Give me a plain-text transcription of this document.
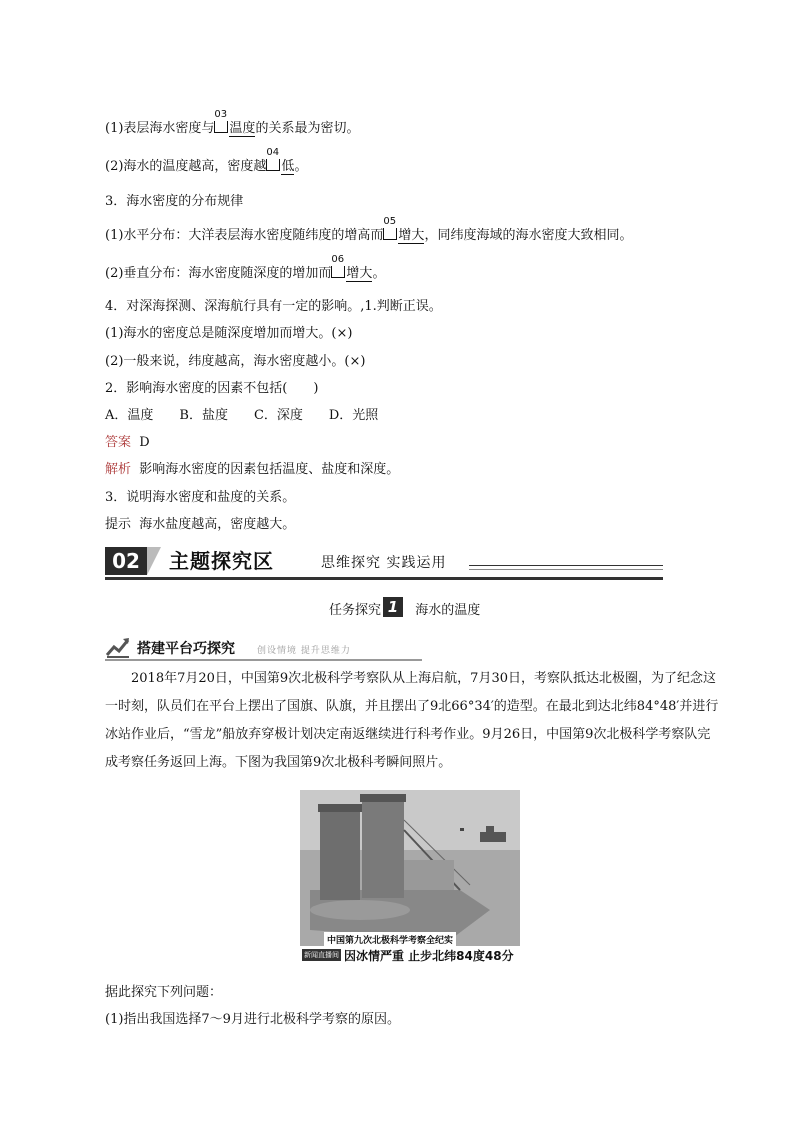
(1)表层海水密度与
03
温度的关系最为密切。
(2)海水的温度越高，密度越
04
低。
3．海水密度的分布规律
(1)水平分布：大洋表层海水密度随纬度的增高而
05
增大，同纬度海域的海水密度大致相同。
(2)垂直分布：海水密度随深度的增加而
06
增大。
4．对深海探测、深海航行具有一定的影响。,1.判断正误。
(1)海水的密度总是随深度增加而增大。(×)
(2)一般来说，纬度越高，海水密度越小。(×)
2．影响海水密度的因素不包括(　　)
A．温度　　B．盐度　　C．深度　　D．光照
答案 D
解析 影响海水密度的因素包括温度、盐度和深度。
3．说明海水密度和盐度的关系。
提示 海水盐度越高，密度越大。
02	主题探究区	思维探究 实践运用
任务探究 1 海水的温度
搭建平台巧探究 创设情境 提升思维力
2018年7月20日，中国第9次北极科学考察队从上海启航，7月30日，考察队抵达北极圈，为了纪念这一时刻，队员们在平台上摆出了国旗、队旗，并且摆出了9北66°34′的造型。在最北到达北纬84°48′并进行冰站作业后，“雪龙”船放弃穿极计划决定南返继续进行科考作业。9月26日，中国第9次北极科学考察队完成考察任务返回上海。下图为我国第9次北极科考瞬间照片。
中国第九次北极科学考察全纪实
新闻直播间 因冰情严重 止步北纬84度48分
据此探究下列问题：
(1)指出我国选择7～9月进行北极科学考察的原因。
